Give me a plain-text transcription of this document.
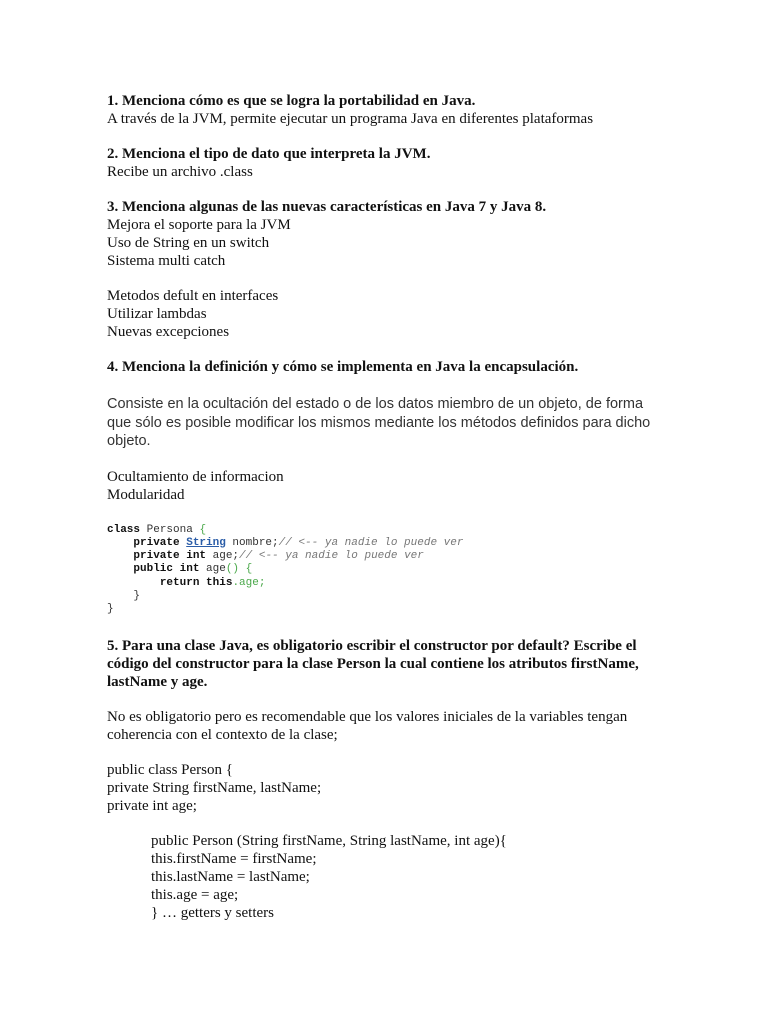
1. Menciona cómo es que se logra la portabilidad en Java.

A través de la JVM, permite ejecutar un programa Java en diferentes plataformas

2. Menciona el tipo de dato que interpreta la JVM.

Recibe un archivo .class

3. Menciona algunas de las nuevas características en Java 7 y Java 8.

Mejora el soporte para la JVM

Uso de String en un switch

Sistema multi catch

Metodos defult en interfaces

Utilizar lambdas

Nuevas excepciones

4. Menciona la definición y cómo se implementa en Java la encapsulación.

Consiste en la ocultación del estado o de los datos miembro de un objeto, de forma que sólo es posible modificar los mismos mediante los métodos definidos para dicho objeto.

Ocultamiento de informacion

Modularidad

class Persona {
private String nombre;// <-- ya nadie lo puede ver
private int age;// <-- ya nadie lo puede ver
public int age() {
return this.age;
}
}

5. Para una clase Java, es obligatorio escribir el constructor por default? Escribe el código del constructor para la clase Person la cual contiene los atributos firstName, lastName y age.

No es obligatorio pero es recomendable que los valores iniciales de la variables tengan coherencia con el contexto de la clase;

public class Person {

private String firstName, lastName;

private int age;

public Person (String firstName, String lastName, int age){

this.firstName = firstName;

this.lastName = lastName;

this.age = age;

} … getters y setters
